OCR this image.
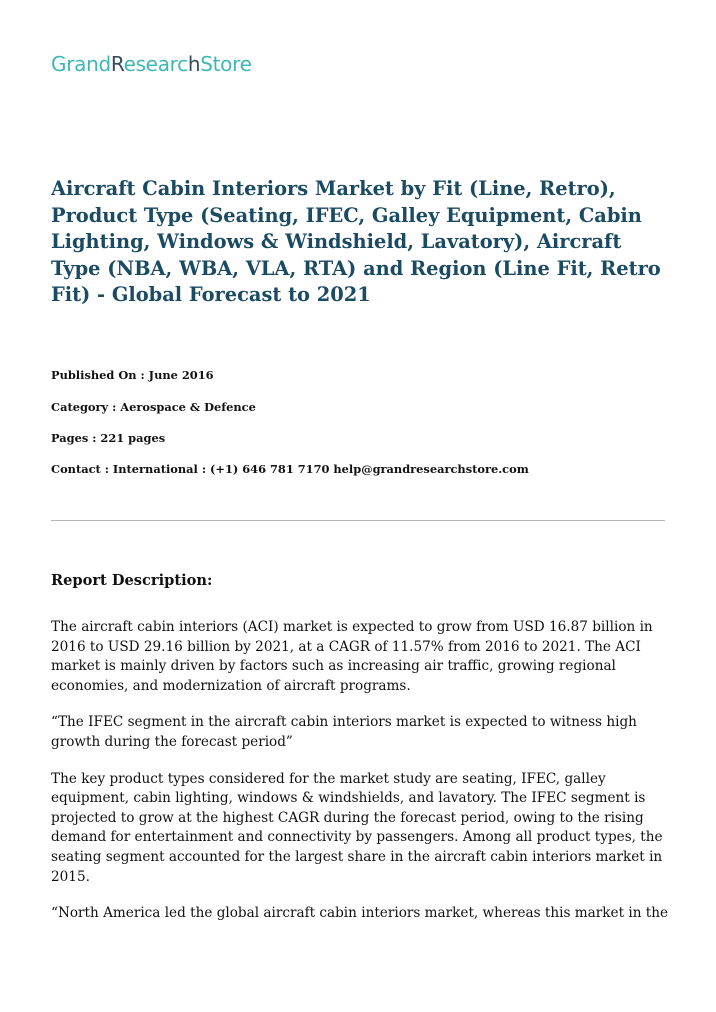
GrandResearchStore
Aircraft Cabin Interiors Market by Fit (Line, Retro), Product Type (Seating, IFEC, Galley Equipment, Cabin Lighting, Windows & Windshield, Lavatory), Aircraft Type (NBA, WBA, VLA, RTA) and Region (Line Fit, Retro Fit) - Global Forecast to 2021

Published On : June 2016

Category : Aerospace & Defence

Pages : 221 pages

Contact : International : (+1) 646 781 7170 help@grandresearchstore.com

Report Description:

The aircraft cabin interiors (ACI) market is expected to grow from USD 16.87 billion in 2016 to USD 29.16 billion by 2021, at a CAGR of 11.57% from 2016 to 2021. The ACI market is mainly driven by factors such as increasing air traffic, growing regional economies, and modernization of aircraft programs.

“The IFEC segment in the aircraft cabin interiors market is expected to witness high growth during the forecast period”

The key product types considered for the market study are seating, IFEC, galley equipment, cabin lighting, windows & windshields, and lavatory. The IFEC segment is projected to grow at the highest CAGR during the forecast period, owing to the rising demand for entertainment and connectivity by passengers. Among all product types, the seating segment accounted for the largest share in the aircraft cabin interiors market in 2015.

“North America led the global aircraft cabin interiors market, whereas this market in the
